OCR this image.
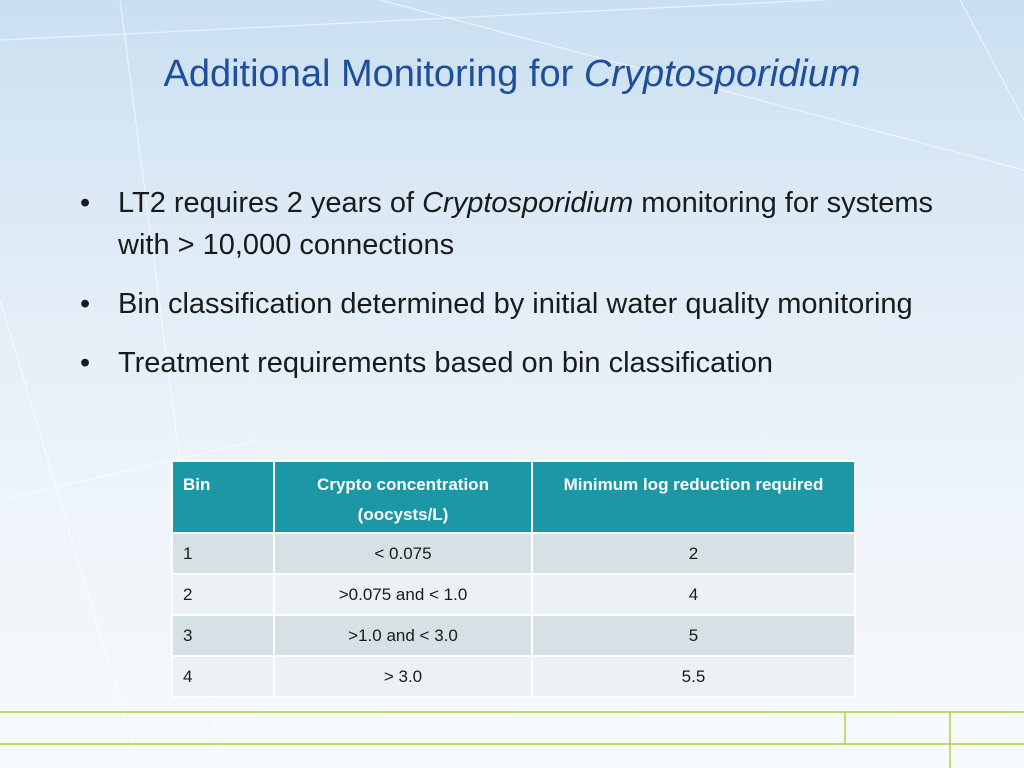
Additional Monitoring for Cryptosporidium
• LT2 requires 2 years of Cryptosporidium monitoring for systems with > 10,000 connections
• Bin classification determined by initial water quality monitoring
• Treatment requirements based on bin classification
Bin	Crypto concentration (oocysts/L)	Minimum log reduction required
1	< 0.075	2
2	>0.075 and < 1.0	4
3	>1.0 and < 3.0	5
4	> 3.0	5.5
